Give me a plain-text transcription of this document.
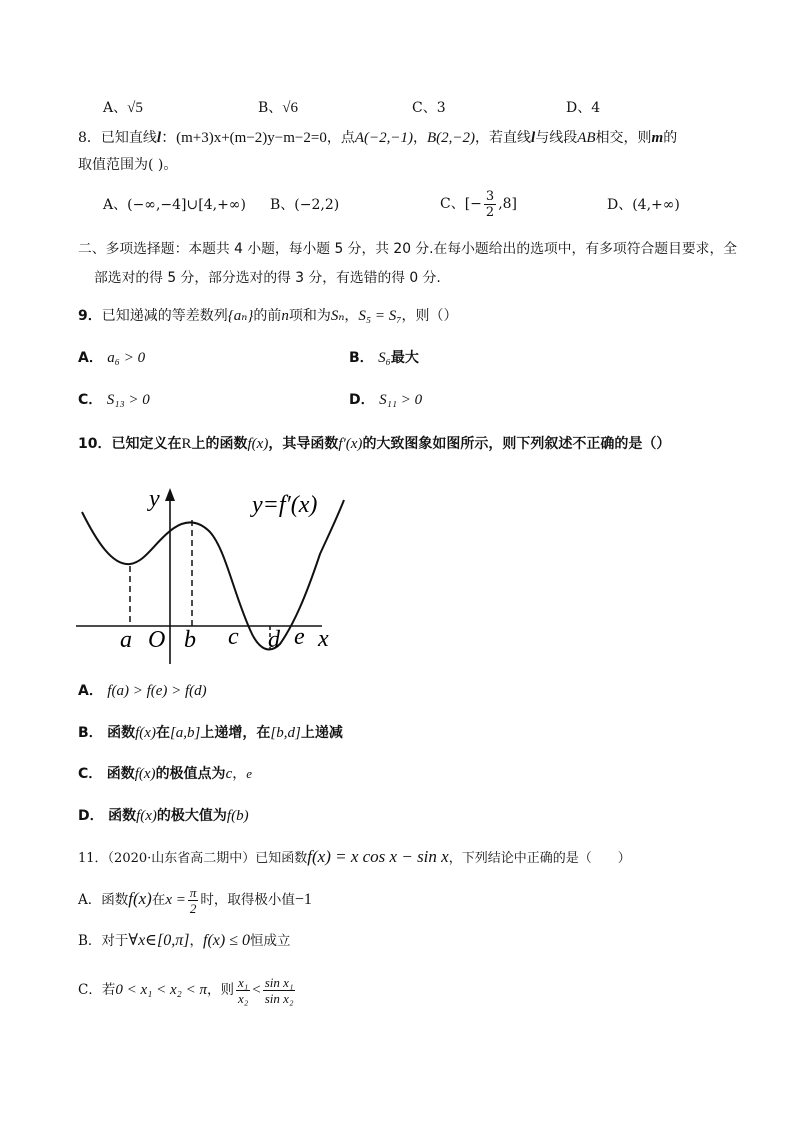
A、√5	B、√6	C、3	D、4
8．已知直线l：(m+3)x+(m−2)y−m−2=0，点A(−2,−1)，B(2,−2)，若直线l与线段AB相交，则m的
取值范围为( )。
A、(−∞,−4]∪[4,+∞) B、(−2,2)	C、[− $\frac{3}{2} ,8$]	D、(4,+∞)
二、多项选择题：本题共 4 小题，每小题 5 分，共 20 分.在每小题给出的选项中，有多项符合题目要求，全
部选对的得 5 分，部分选对的得 3 分，有选错的得 0 分.
9．已知递减的等差数列{aₙ}的前n项和为Sₙ，S₅ = S₇，则（）
A． a₆ > 0	B． S₆最大
C． S₁₃ > 0	D． S₁₁ > 0
10．已知定义在R上的函数f(x)，其导函数f′(x)的大致图象如图所示，则下列叙述不正确的是（）
y	y=f′(x)
a O b c d e x
A． f(a) > f(e) > f(d)
B． 函数f(x)在[a,b]上递增，在[b,d]上递减
C． 函数f(x)的极值点为c，e
D． 函数f(x)的极大值为f(b)
11．（2020·山东省高二期中）已知函数f(x) = x cos x − sin x，下列结论中正确的是（　　）
A．函数f(x)在$x = \frac{\pi}{2}$ 时，取得极小值−1
B．对于∀x∈[0,π]，f(x) ≤ 0恒成立
C．若0 < x₁ < x₂ < π，则 $\frac{\text{x₁}}{\text{x₂}} < \frac{\text{sin x₁}}{\text{sin x₂}}$
